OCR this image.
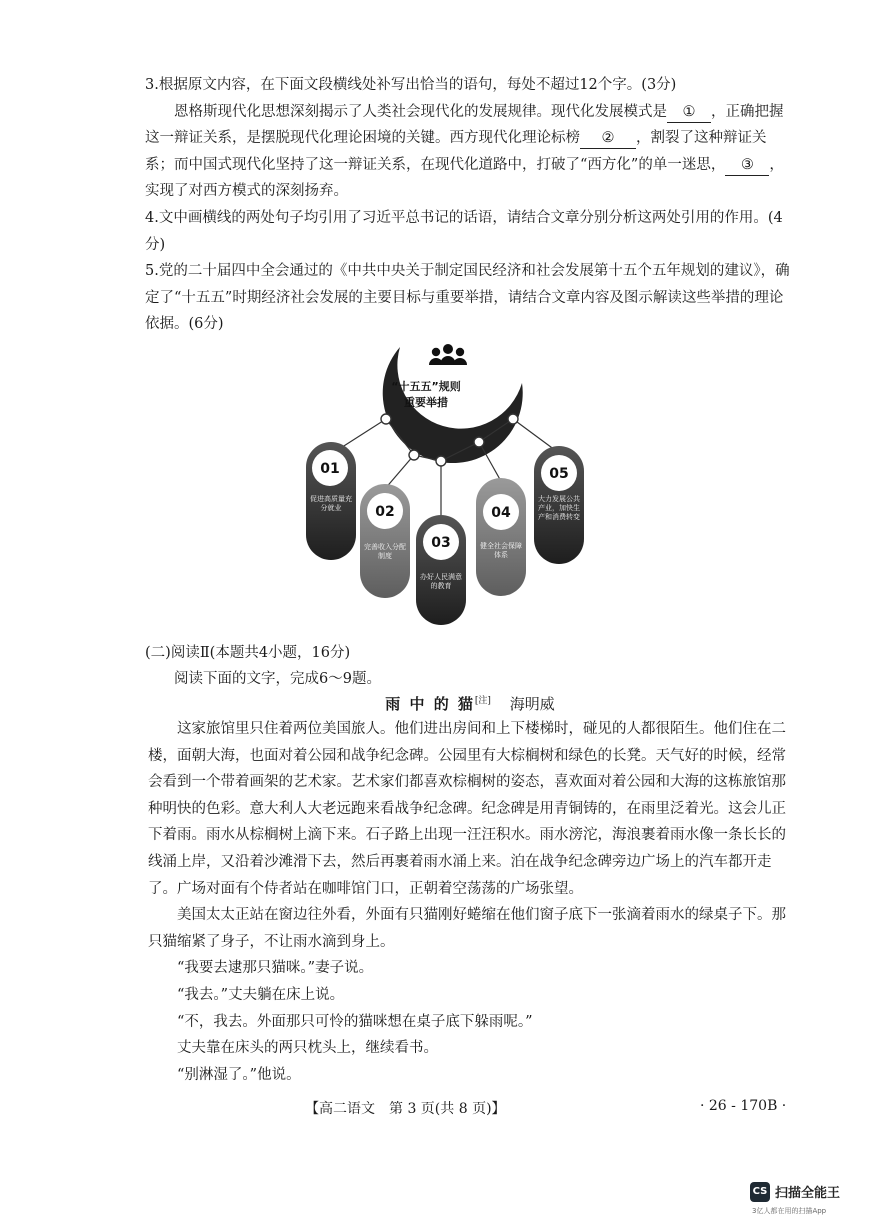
3.根据原文内容，在下面文段横线处补写出恰当的语句，每处不超过12个字。(3分)

恩格斯现代化思想深刻揭示了人类社会现代化的发展规律。现代化发展模式是 ① ，正确把握这一辩证关系，是摆脱现代化理论困境的关键。西方现代化理论标榜 ② ，割裂了这种辩证关系；而中国式现代化坚持了这一辩证关系，在现代化道路中，打破了“西方化”的单一迷思， ③ ，实现了对西方模式的深刻扬弃。

4.文中画横线的两处句子均引用了习近平总书记的话语，请结合文章分别分析这两处引用的作用。(4分)

5.党的二十届四中全会通过的《中共中央关于制定国民经济和社会发展第十五个五年规划的建议》，确定了“十五五”时期经济社会发展的主要目标与重要举措，请结合文章内容及图示解读这些举措的理论依据。(6分)

“十五五”规则
重要举措
01
促进高质量充分就业	02
完善收入分配制度
03
办好人民满意的教育
04
健全社会保障体系
05
大力发展公共产业，加快生产和消费转变
(二)阅读Ⅱ(本题共4小题，16分)
阅读下面的文字，完成6～9题。
雨 中 的 猫[注] 海明威

这家旅馆里只住着两位美国旅人。他们进出房间和上下楼梯时，碰见的人都很陌生。他们住在二楼，面朝大海，也面对着公园和战争纪念碑。公园里有大棕榈树和绿色的长凳。天气好的时候，经常会看到一个带着画架的艺术家。艺术家们都喜欢棕榈树的姿态，喜欢面对着公园和大海的这栋旅馆那种明快的色彩。意大利人大老远跑来看战争纪念碑。纪念碑是用青铜铸的，在雨里泛着光。这会儿正下着雨。雨水从棕榈树上滴下来。石子路上出现一汪汪积水。雨水滂沱，海浪裹着雨水像一条长长的线涌上岸，又沿着沙滩滑下去，然后再裹着雨水涌上来。泊在战争纪念碑旁边广场上的汽车都开走了。广场对面有个侍者站在咖啡馆门口，正朝着空荡荡的广场张望。

美国太太正站在窗边往外看，外面有只猫刚好蜷缩在他们窗子底下一张滴着雨水的绿桌子下。那只猫缩紧了身子，不让雨水滴到身上。

“我要去逮那只猫咪。”妻子说。

“我去。”丈夫躺在床上说。

“不，我去。外面那只可怜的猫咪想在桌子底下躲雨呢。”

丈夫靠在床头的两只枕头上，继续看书。

“别淋湿了。”他说。

【高二语文　第 3 页(共 8 页)】	· 26 - 170B ·
CS 扫描全能王
3亿人都在用的扫描App
